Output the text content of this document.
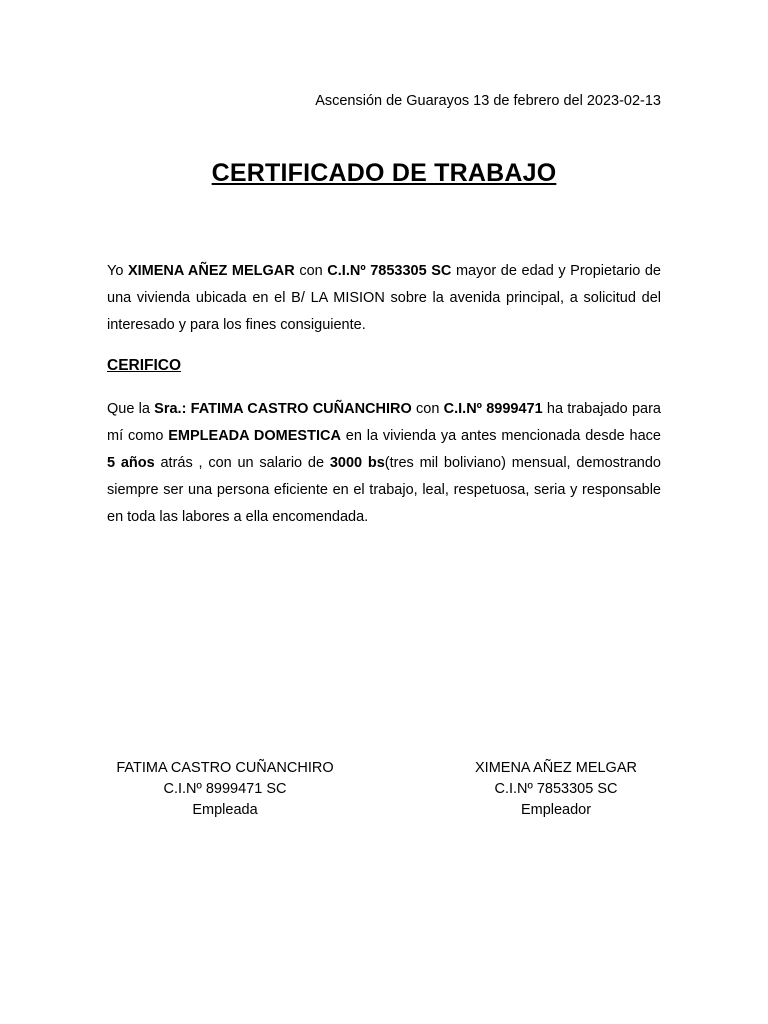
Ascensión de Guarayos 13 de febrero del 2023-02-13
CERTIFICADO DE TRABAJO
Yo XIMENA AÑEZ MELGAR con C.I.Nº 7853305 SC mayor de edad y Propietario de una vivienda ubicada en el B/ LA MISION sobre la avenida principal, a solicitud del interesado y para los fines consiguiente.
CERIFICO
Que la Sra.: FATIMA CASTRO CUÑANCHIRO con C.I.Nº 8999471 ha trabajado para mí como EMPLEADA DOMESTICA en la vivienda ya antes mencionada desde hace 5 años atrás , con un salario de 3000 bs(tres mil boliviano) mensual, demostrando siempre ser una persona eficiente en el trabajo, leal, respetuosa, seria y responsable en toda las labores a ella encomendada.
FATIMA CASTRO CUÑANCHIRO
C.I.Nº 8999471 SC
Empleada
XIMENA AÑEZ MELGAR
C.I.Nº 7853305 SC
Empleador
